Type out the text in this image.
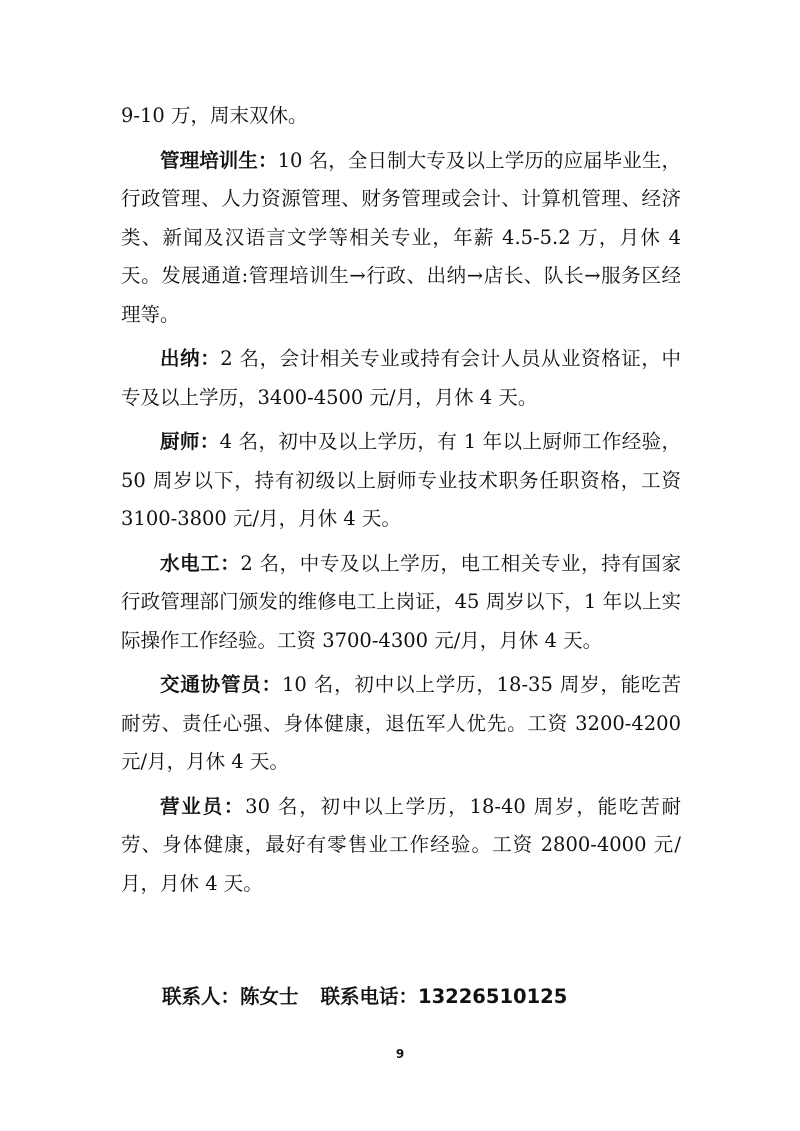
9-10 万，周末双休。

管理培训生：10 名，全日制大专及以上学历的应届毕业生，行政管理、人力资源管理、财务管理或会计、计算机管理、经济类、新闻及汉语言文学等相关专业，年薪 4.5-5.2 万，月休 4 天。发展通道:管理培训生→行政、出纳→店长、队长→服务区经理等。

出纳：2 名，会计相关专业或持有会计人员从业资格证，中专及以上学历，3400-4500 元/月，月休 4 天。

厨师：4 名，初中及以上学历，有 1 年以上厨师工作经验，50 周岁以下，持有初级以上厨师专业技术职务任职资格，工资 3100-3800 元/月，月休 4 天。

水电工：2 名，中专及以上学历，电工相关专业，持有国家行政管理部门颁发的维修电工上岗证，45 周岁以下，1 年以上实际操作工作经验。工资 3700-4300 元/月，月休 4 天。

交通协管员：10 名，初中以上学历，18-35 周岁，能吃苦耐劳、责任心强、身体健康，退伍军人优先。工资 3200-4200 元/月，月休 4 天。

营业员：30 名，初中以上学历，18-40 周岁，能吃苦耐劳、身体健康，最好有零售业工作经验。工资 2800-4000 元/月，月休 4 天。

联系人：陈女士 联系电话：13226510125
9
